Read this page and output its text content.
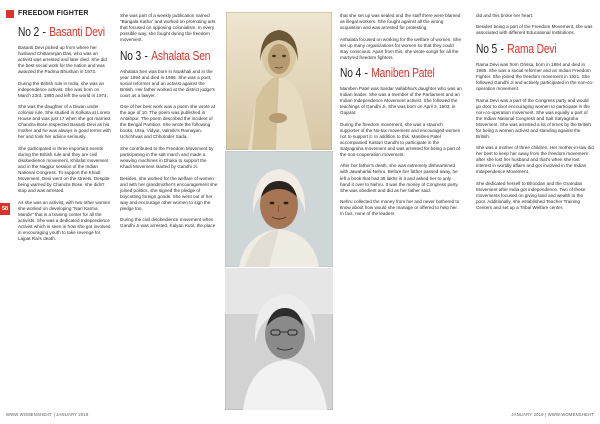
FREEDOM FIGHTER
58
No 2 - Basanti Devi

Basanti Devi picked up from where her husband Chittaranjan Das, who was an activist was arrested and later died. She did the best social work for the nation and was awarded the Padma Bhushan in 1973.

During the British rule in India, she was an independence activist. She was born on March 23rd, 1880 and left the world in 1974.

She was the daughter of a Diwan under colonial rule. She studied in Kolkata at Loreto House and was just 17 when she got married. Chandra Bose respected Basanti Devi as his mother and he was always in good terms with her and took her advice seriously.

She participated in three important events during the British rule and they are civil disobedience movement, Khilafat movement and in the Nagpur session of the Indian National Congress. To support the Khadi Movement, Devi went on the streets. Despite being warned by Chandra Bose, she didn't stop and was arrested.

As she was an activist, with two other women she worked on developing "Nari Karma Mandir" that is a training center for all the activists. She was a dedicated Independence Activist which is seen in how she got involved in encouraging youth to take revenge for Lajpat Rai's death.

She was part of a weekly publication named "Bangala Katha" and worked on promoting arts that focused on opposing colonialism. In every possible way, she fought during the freedom movement.

No 3 - Ashalata Sen

Ashalata Sen was born in Noakhali and in the year 1894 and died in 1986. She was a poet, social reformer and an activist against the British. Her father worked at the district judge's court as a lawyer.

One of her best work was a poem she wrote at the age of 10. The poem was published in Antahpur. The poem described the incident of the Bengal Partition. She wrote the following books, Utsa, Vidyut, Valmiki's Ramayan, Uchchhvas and Chhotoder Sada.

She contributed to the Freedom Movement by participating in the salt march and made a weaving machines in Dhaka to support the Khadi Movement started by Gandhi Ji.

Besides, she worked for the welfare of women and with her grandmother's encouragement she joined politics, she signed the pledge of boycotting foreign goods. She went out of her way and encourage other women to sign the pledge too.

During the civil disobedience movement when Gandhi Ji was arrested, Kalyan Kutir, the place

that she set up was sealed and the staff there were blamed as illegal workers. She fought against all the wrong acquisition and was arrested for protesting.

Ashalata focused on working for the welfare of women. She set up many organizations for women so that they could stay conscious. Apart from this, she wrote songs for all the martyred freedom fighters.

No 4 - Maniben Patel

Maniben Patel was Sardar Vallabhai's daughter who was an Indian leader. She was a member of the Parliament and an Indian Independence Movement activist. She followed the teachings of Gandhi Ji. She was born on April 3, 1903, in Gujarat.

During the freedom movement, she was a staunch supporter of the No-tax movement and encouraged women not to support it. In addition to this, Maniben Patel accompanied Kasturi Gandhi to participate in the Satyagraha movement and was arrested for being a part of the non-cooperation movement.

After her father's death, she was extremely disheartened with Jawaharlal Nehru. Before her father passed away, he left a book that had 35 lakhs in it and asked her to only hand it over to Nehru. It was the money of Congress party. She was obedient and did as her father said.

Nehru collected the money from her and never bothered to know about how would she manage or offered to help her. In fact, none of the leaders

did and this broke her heart.

Besides being a part of the Freedom Movement, she was associated with different Educational Institutions.

No 5 - Rama Devi

Rama Devi was from Orissa, born in 1894 and died in 1985. She was a social reformer and an Indian Freedom Fighter. She joined the freedom movement in 1921. She followed Gandhi Ji and actively participated in the non-co-operation movement.

Rama Devi was a part of the Congress party and would go door to door encouraging women to participate in the non-co-operation movement. She was equally a part of the Indian National Congress and Salt Satyagraha Movement. She was arrested a lot of times by the British for being a women activist and standing against the British.

She was a mother of three children. Her mother-in-law did her best to keep her away from the freedom movement after she lost her husband and that's when she lost interest in worldly affairs and got involved in the Indian Independence Movement.

She dedicated herself to Bhoodan and the Gramdan Movement after India got independence. Two of these movements focused on giving land and wealth to the poor. Additionally, she established Teacher Training Centers and set up a Tribal Welfare center.

WWW.WOMENSHEHT | JANUARY 2019	JANUARY 2019 | WWW.WOMENSHEHT
